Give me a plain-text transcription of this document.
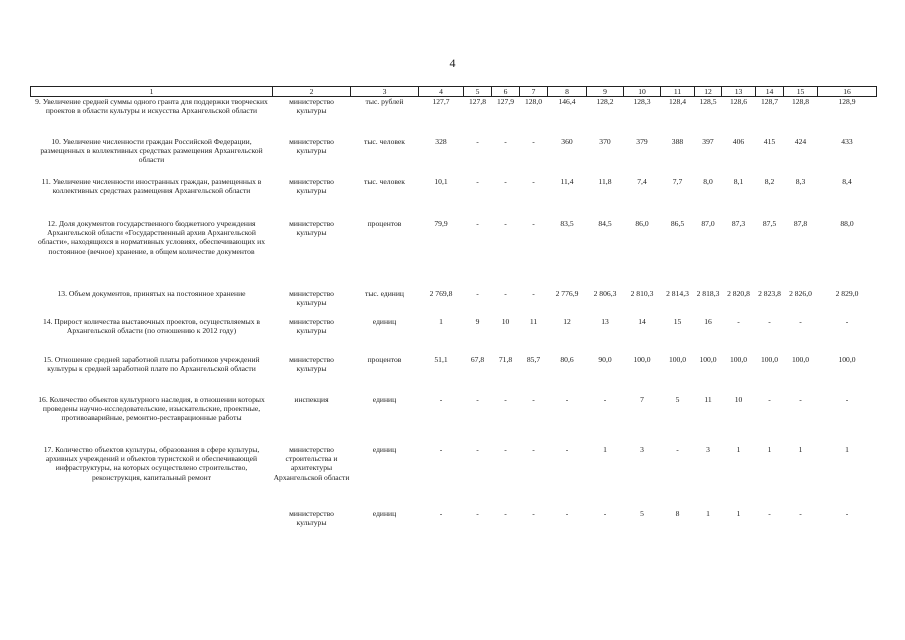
4
1	2	3	4	5	6	7	8	9	10	11	12	13	14	15	16
9. Увеличение средней суммы одного гранта для поддержки творческих проектов в области культуры и искусства Архангельской области	министерство культуры	тыс. рублей	127,7	127,8	127,9	128,0	146,4	128,2	128,3	128,4	128,5	128,6	128,7	128,8	128,9
10. Увеличение численности граждан Российской Федерации, размещенных в коллективных средствах размещения Архангельской области	министерство культуры	тыс. человек	328	-	-	-	360	370	379	388	397	406	415	424	433
11. Увеличение численности иностранных граждан, размещенных в коллективных средствах размещения Архангельской области	министерство культуры	тыс. человек	10,1	-	-	-	11,4	11,8	7,4	7,7	8,0	8,1	8,2	8,3	8,4
12. Доля документов государственного бюджетного учреждения Архангельской области «Государственный архив Архангельской области», находящихся в нормативных условиях, обеспечивающих их постоянное (вечное) хранение, в общем количестве документов	министерство культуры	процентов	79,9	-	-	-	83,5	84,5	86,0	86,5	87,0	87,3	87,5	87,8	88,0
13. Объем документов, принятых на постоянное хранение	министерство культуры	тыс. единиц	2 769,8	-	-	-	2 776,9	2 806,3	2 810,3	2 814,3	2 818,3	2 820,8	2 823,8	2 826,0	2 829,0
14. Прирост количества выставочных проектов, осуществляемых в Архангельской области (по отношению к 2012 году)	министерство культуры	единиц	1	9	10	11	12	13	14	15	16	-	-	-	-
15. Отношение средней заработной платы работников учреждений культуры к средней заработной плате по Архангельской области	министерство культуры	процентов	51,1	67,8	71,8	85,7	80,6	90,0	100,0	100,0	100,0	100,0	100,0	100,0	100,0
16. Количество объектов культурного наследия, в отношении которых проведены научно-исследовательские, изыскательские, проектные, противоаварийные, ремонтно-реставрационные работы	инспекция	единиц	-	-	-	-	-	-	7	5	11	10	-	-	-
17. Количество объектов культуры, образования в сфере культуры, архивных учреждений и объектов туристской и обеспечивающей инфраструктуры, на которых осуществлено строительство, реконструкция, капитальный ремонт	министерство строительства и архитектуры Архангельской области	единиц	-	-	-	-	-	1	3	-	3	1	1	1	1
	министерство культуры	единиц	-	-	-	-	-	-	5	8	1	1	-	-	-
